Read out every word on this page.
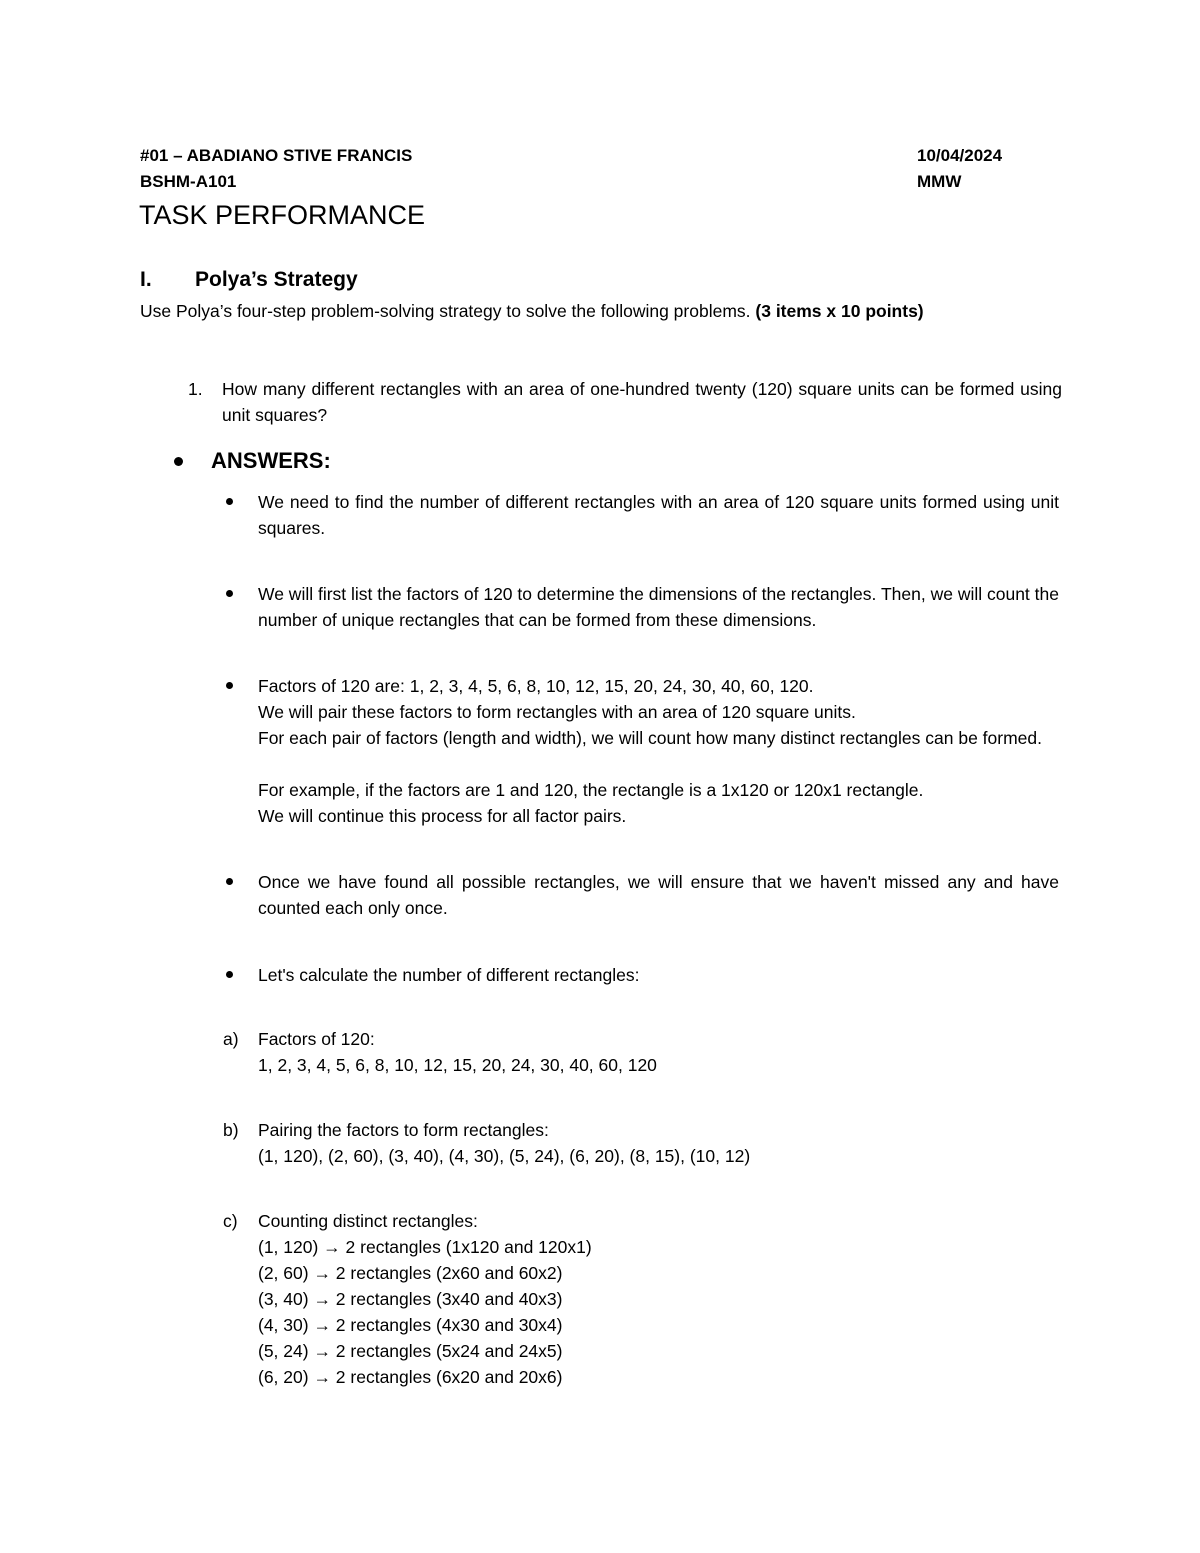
#01 – ABADIANO STIVE FRANCIS	10/04/2024
BSHM-A101	MMW
TASK PERFORMANCE
I. Polya’s Strategy
Use Polya’s four-step problem-solving strategy to solve the following problems. (3 items x 10 points)
1. How many different rectangles with an area of one-hundred twenty (120) square units can be formed using unit squares?
ANSWERS:
We need to find the number of different rectangles with an area of 120 square units formed using unit squares.
We will first list the factors of 120 to determine the dimensions of the rectangles. Then, we will count the number of unique rectangles that can be formed from these dimensions.
Factors of 120 are: 1, 2, 3, 4, 5, 6, 8, 10, 12, 15, 20, 24, 30, 40, 60, 120.
We will pair these factors to form rectangles with an area of 120 square units.
For each pair of factors (length and width), we will count how many distinct rectangles can be formed.
For example, if the factors are 1 and 120, the rectangle is a 1x120 or 120x1 rectangle.
We will continue this process for all factor pairs.
Once we have found all possible rectangles, we will ensure that we haven't missed any and have counted each only once.
Let's calculate the number of different rectangles:
a) Factors of 120:
1, 2, 3, 4, 5, 6, 8, 10, 12, 15, 20, 24, 30, 40, 60, 120
b) Pairing the factors to form rectangles:
(1, 120), (2, 60), (3, 40), (4, 30), (5, 24), (6, 20), (8, 15), (10, 12)
c) Counting distinct rectangles:
(1, 120) → 2 rectangles (1x120 and 120x1)
(2, 60) → 2 rectangles (2x60 and 60x2)
(3, 40) → 2 rectangles (3x40 and 40x3)
(4, 30) → 2 rectangles (4x30 and 30x4)
(5, 24) → 2 rectangles (5x24 and 24x5)
(6, 20) → 2 rectangles (6x20 and 20x6)
